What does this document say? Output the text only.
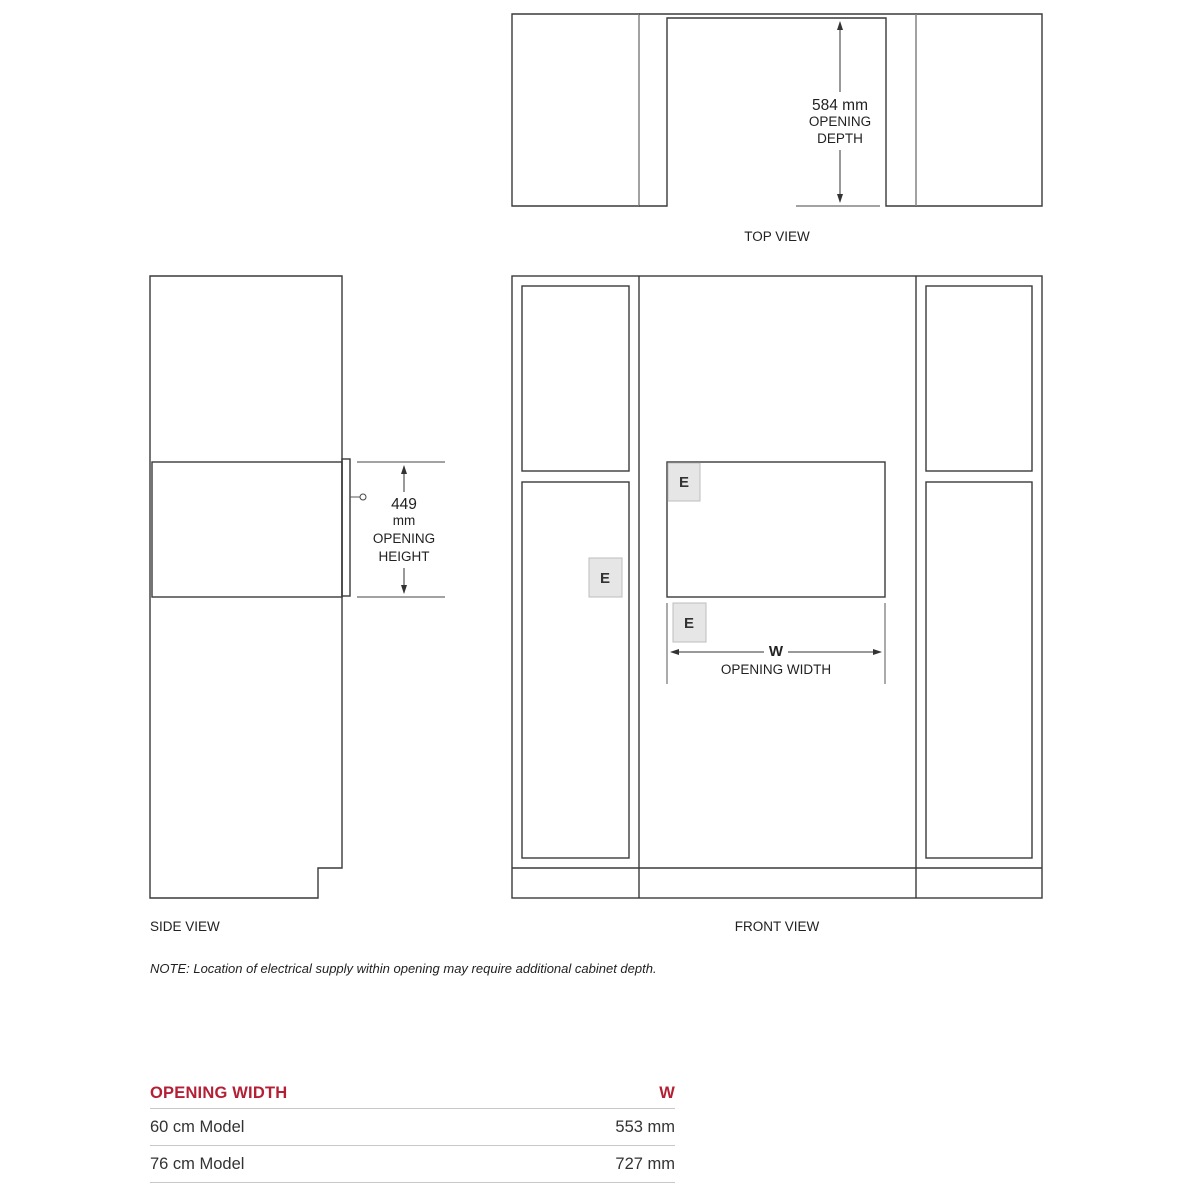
584 mm
OPENING
DEPTH
TOP VIEW
449
mm
OPENING
HEIGHT
SIDE VIEW
E
E
E
W
OPENING WIDTH
FRONT VIEW
NOTE: Location of electrical supply within opening may require additional cabinet depth.
OPENING WIDTH	W
60 cm Model	553 mm
76 cm Model	727 mm
